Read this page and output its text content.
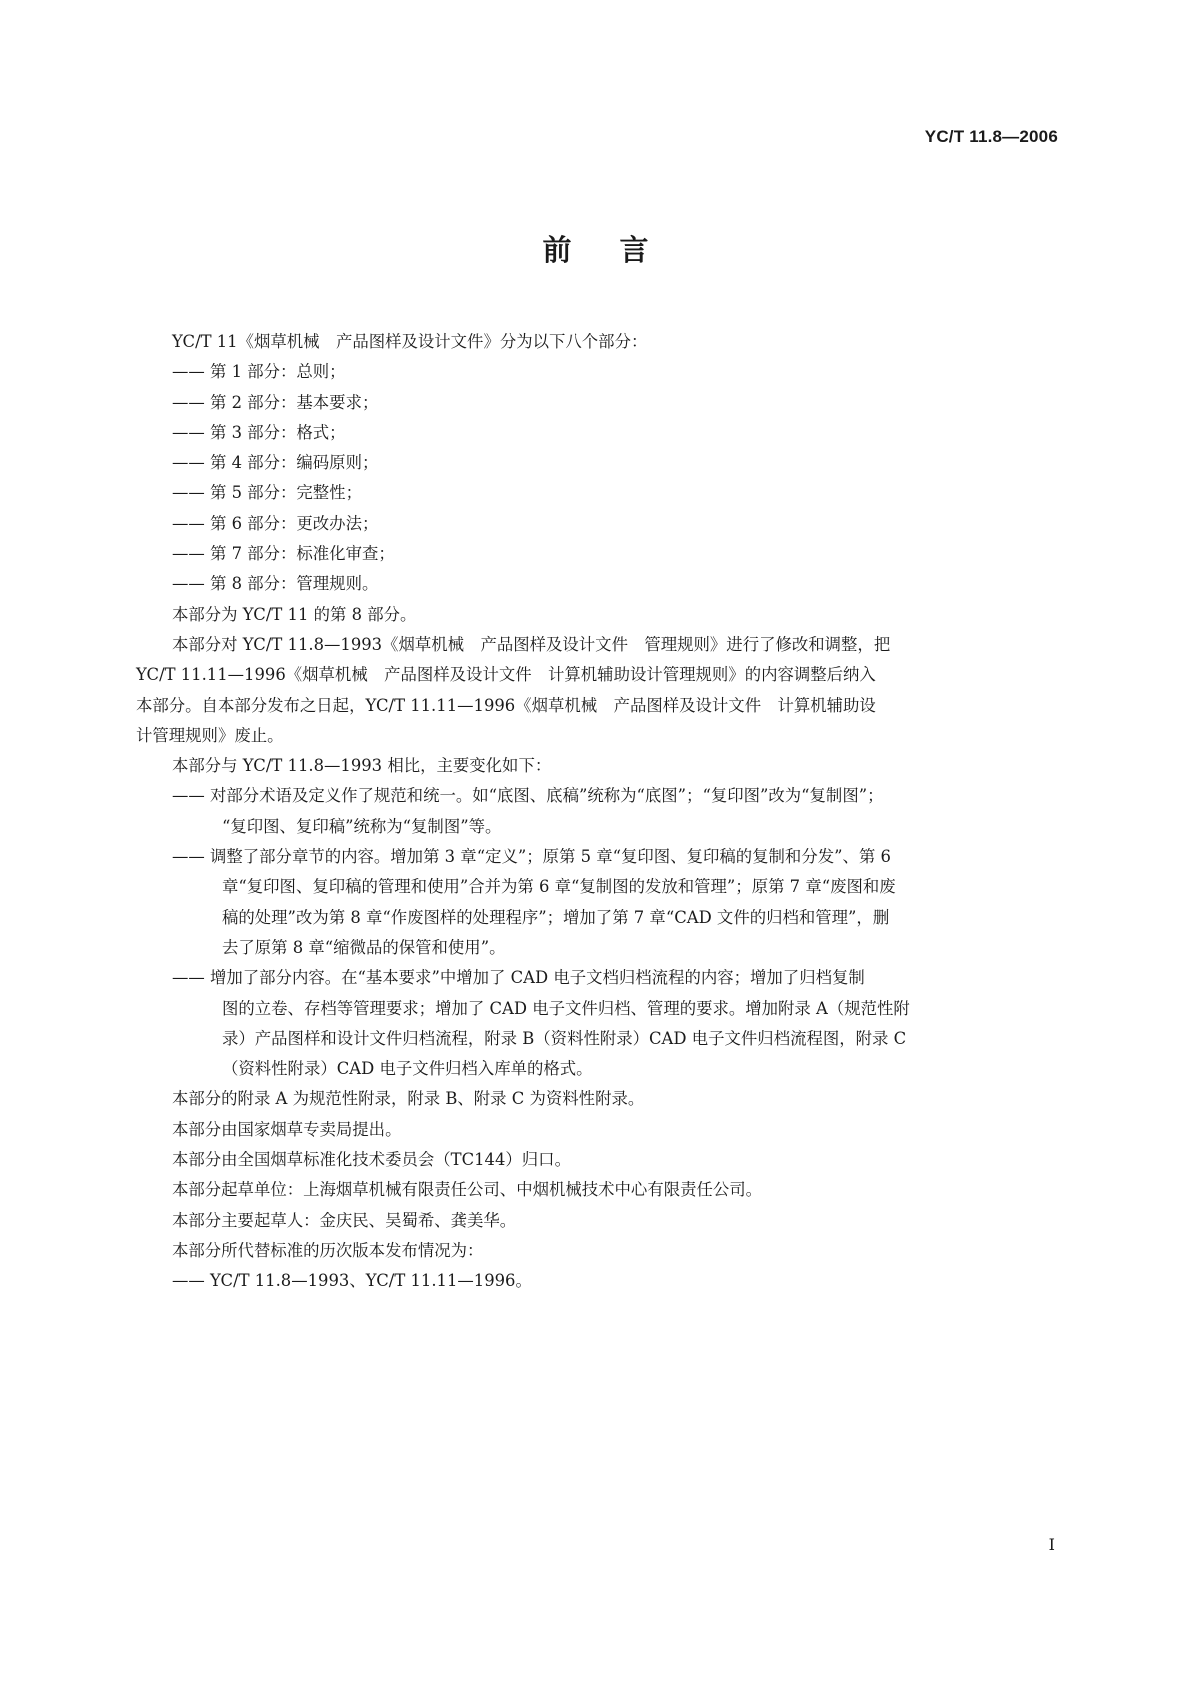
YC/T 11.8—2006
前言
YC/T 11《烟草机械　产品图样及设计文件》分为以下八个部分：
—— 第 1 部分：总则；
—— 第 2 部分：基本要求；
—— 第 3 部分：格式；
—— 第 4 部分：编码原则；
—— 第 5 部分：完整性；
—— 第 6 部分：更改办法；
—— 第 7 部分：标准化审查；
—— 第 8 部分：管理规则。
本部分为 YC/T 11 的第 8 部分。
本部分对 YC/T 11.8—1993《烟草机械　产品图样及设计文件　管理规则》进行了修改和调整，把
YC/T 11.11—1996《烟草机械　产品图样及设计文件　计算机辅助设计管理规则》的内容调整后纳入
本部分。自本部分发布之日起，YC/T 11.11—1996《烟草机械　产品图样及设计文件　计算机辅助设
计管理规则》废止。
本部分与 YC/T 11.8—1993 相比，主要变化如下：
—— 对部分术语及定义作了规范和统一。如“底图、底稿”统称为“底图”；“复印图”改为“复制图”；
“复印图、复印稿”统称为“复制图”等。
—— 调整了部分章节的内容。增加第 3 章“定义”；原第 5 章“复印图、复印稿的复制和分发”、第 6
章“复印图、复印稿的管理和使用”合并为第 6 章“复制图的发放和管理”；原第 7 章“废图和废
稿的处理”改为第 8 章“作废图样的处理程序”；增加了第 7 章“CAD 文件的归档和管理”，删
去了原第 8 章“缩微品的保管和使用”。
—— 增加了部分内容。在“基本要求”中增加了 CAD 电子文档归档流程的内容；增加了归档复制
图的立卷、存档等管理要求；增加了 CAD 电子文件归档、管理的要求。增加附录 A（规范性附
录）产品图样和设计文件归档流程，附录 B（资料性附录）CAD 电子文件归档流程图，附录 C
（资料性附录）CAD 电子文件归档入库单的格式。
本部分的附录 A 为规范性附录，附录 B、附录 C 为资料性附录。
本部分由国家烟草专卖局提出。
本部分由全国烟草标准化技术委员会（TC144）归口。
本部分起草单位：上海烟草机械有限责任公司、中烟机械技术中心有限责任公司。
本部分主要起草人：金庆民、吴蜀希、龚美华。
本部分所代替标准的历次版本发布情况为：
—— YC/T 11.8—1993、YC/T 11.11—1996。
I
